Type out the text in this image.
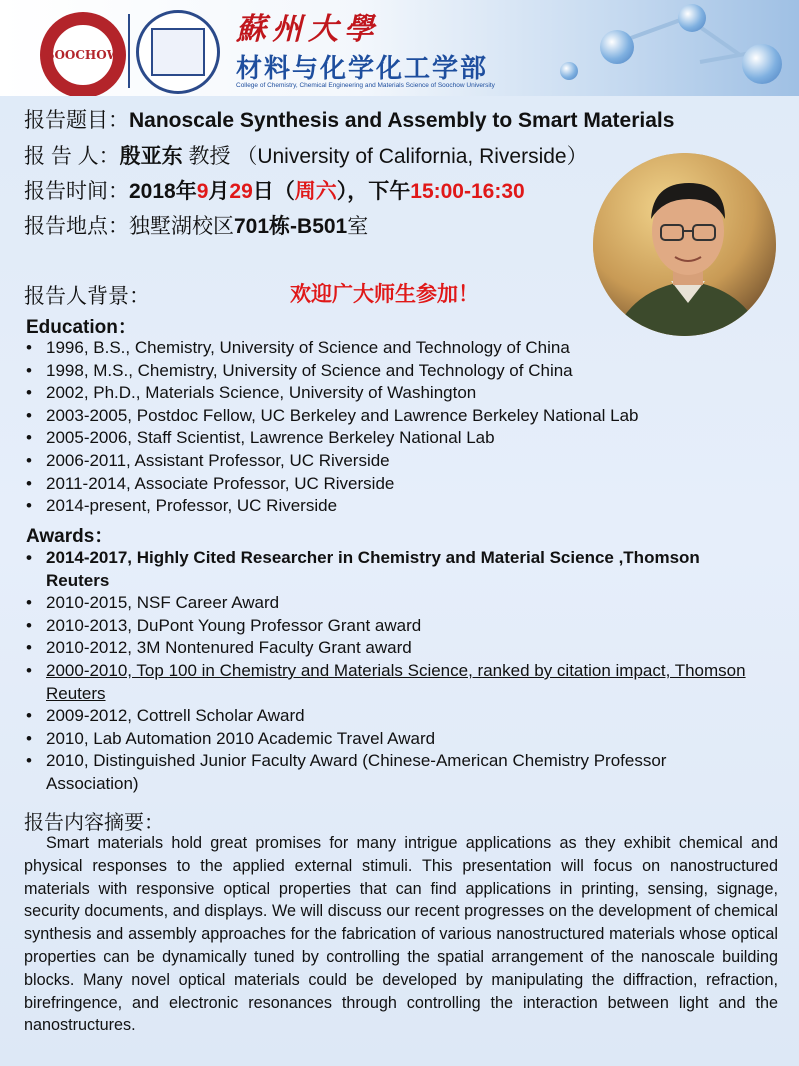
SOOCHOW
蘇州大學
材料与化学化工学部
College of Chemistry, Chemical Engineering and Materials Science of Soochow University
报告题目：Nanoscale Synthesis and Assembly to Smart Materials
报 告 人：殷亚东 教授 （University of California, Riverside）
报告时间：2018年9月29日（周六），下午15:00-16:30
报告地点：独墅湖校区701栋-B501室
报告人背景：	欢迎广大师生参加！
Education：
• 1996, B.S., Chemistry, University of Science and Technology of China
• 1998, M.S., Chemistry, University of Science and Technology of China
• 2002, Ph.D., Materials Science, University of Washington
• 2003-2005, Postdoc Fellow, UC Berkeley and Lawrence Berkeley National Lab
• 2005-2006, Staff Scientist, Lawrence Berkeley National Lab
• 2006-2011, Assistant Professor, UC Riverside
• 2011-2014, Associate Professor, UC Riverside
• 2014-present, Professor, UC Riverside
Awards：
• 2014-2017, Highly Cited Researcher in Chemistry and Material Science ,Thomson Reuters
• 2010-2015, NSF Career Award
• 2010-2013, DuPont Young Professor Grant award
• 2010-2012, 3M Nontenured Faculty Grant award
• 2000-2010, Top 100 in Chemistry and Materials Science, ranked by citation impact, Thomson Reuters
• 2009-2012, Cottrell Scholar Award
• 2010, Lab Automation 2010 Academic Travel Award
• 2010, Distinguished Junior Faculty Award (Chinese-American Chemistry Professor Association)
报告内容摘要：
Smart materials hold great promises for many intrigue applications as they exhibit chemical and physical responses to the applied external stimuli. This presentation will focus on nanostructured materials with responsive optical properties that can find applications in printing, sensing, signage, security documents, and displays. We will discuss our recent progresses on the development of chemical synthesis and assembly approaches for the fabrication of various nanostructured materials whose optical properties can be dynamically tuned by controlling the spatial arrangement of the nanoscale building blocks. Many novel optical materials could be developed by manipulating the diffraction, refraction, birefringence, and electronic resonances through controlling the interaction between light and the nanostructures.
